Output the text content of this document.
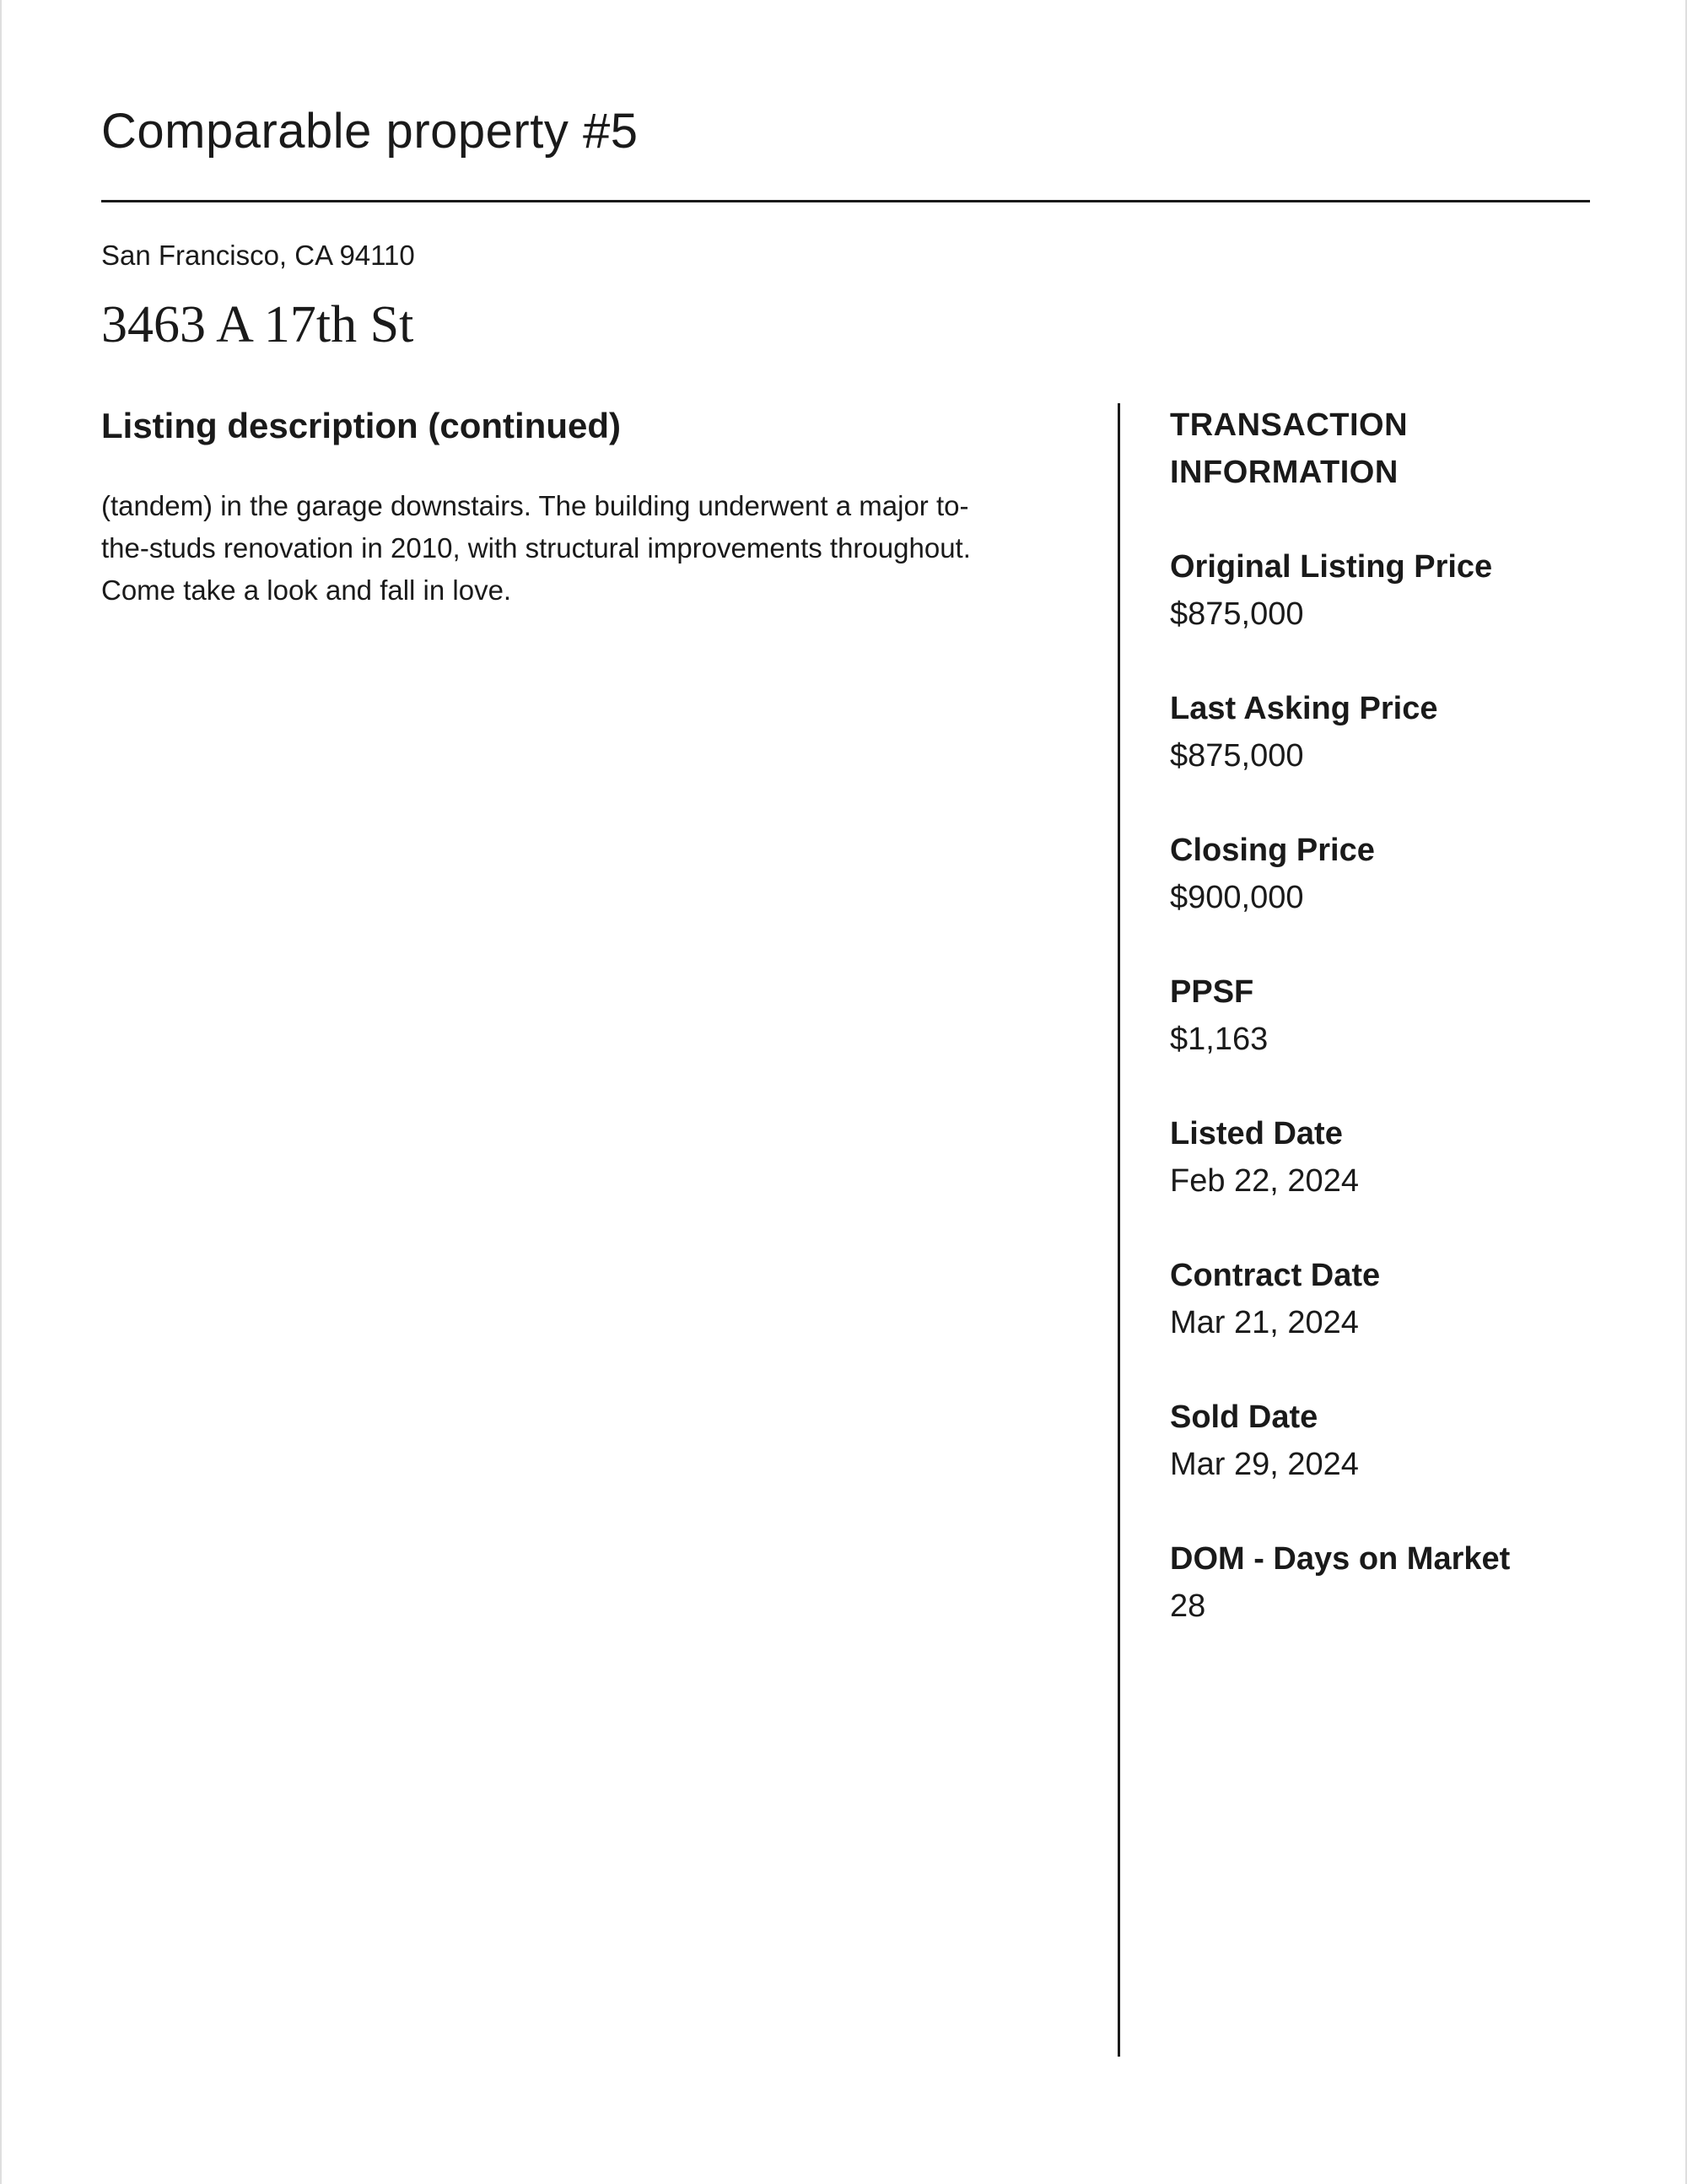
Comparable property #5
San Francisco, CA 94110
3463 A 17th St
Listing description (continued)
(tandem) in the garage downstairs. The building underwent a major to-
the-studs renovation in 2010, with structural improvements throughout.
Come take a look and fall in love.
TRANSACTION
INFORMATION
Original Listing Price
$875,000
Last Asking Price
$875,000
Closing Price
$900,000
PPSF
$1,163
Listed Date
Feb 22, 2024
Contract Date
Mar 21, 2024
Sold Date
Mar 29, 2024
DOM - Days on Market
28
